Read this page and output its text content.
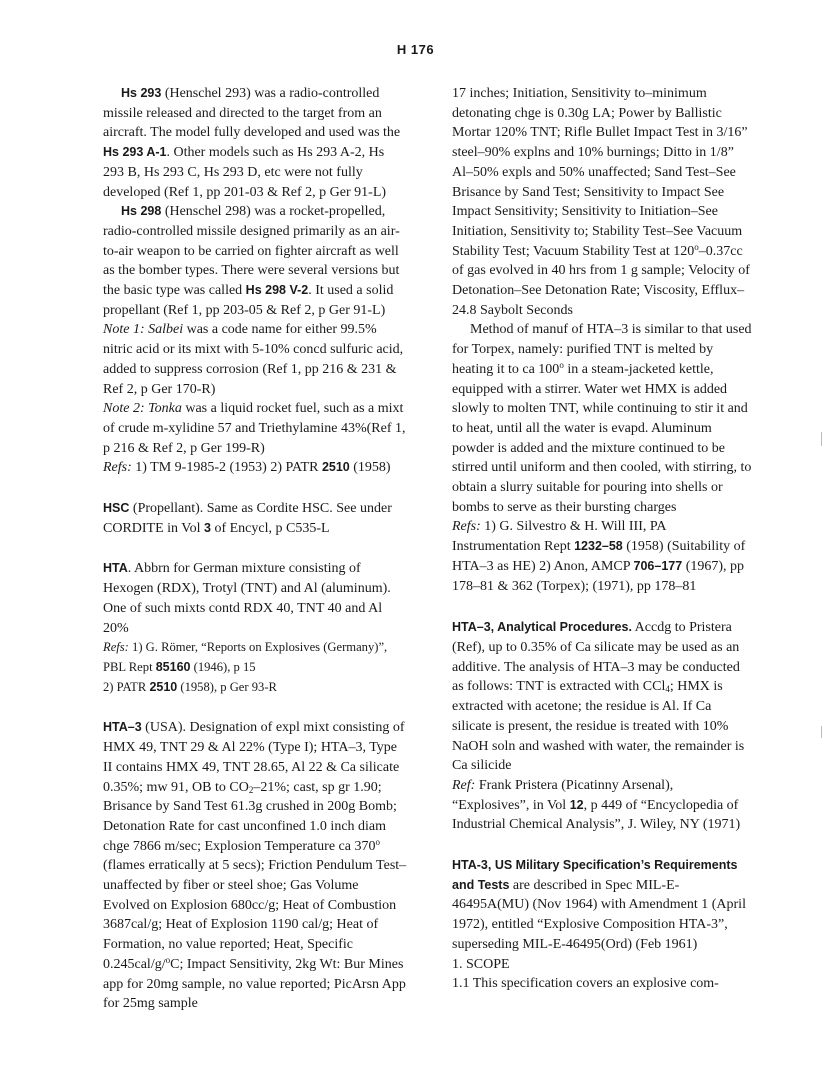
H 176

Hs 293 (Henschel 293) was a radio-controlled missile released and directed to the target from an aircraft. The model fully developed and used was the Hs 293 A-1. Other models such as Hs 293 A-2, Hs 293 B, Hs 293 C, Hs 293 D, etc were not fully developed (Ref 1, pp 201-03 & Ref 2, p Ger 91-L)

Hs 298 (Henschel 298) was a rocket-propelled, radio-controlled missile designed primarily as an air-to-air weapon to be carried on fighter aircraft as well as the bomber types. There were several versions but the basic type was called Hs 298 V-2. It used a solid propellant (Ref 1, pp 203-05 & Ref 2, p Ger 91-L)

Note 1: Salbei was a code name for either 99.5% nitric acid or its mixt with 5-10% concd sulfuric acid, added to suppress corrosion (Ref 1, pp 216 & 231 & Ref 2, p Ger 170-R)

Note 2: Tonka was a liquid rocket fuel, such as a mixt of crude m-xylidine 57 and Triethylamine 43%(Ref 1, p 216 & Ref 2, p Ger 199-R)

Refs: 1) TM 9-1985-2 (1953) 2) PATR 2510 (1958)

HSC (Propellant). Same as Cordite HSC. See under CORDITE in Vol 3 of Encycl, p C535-L

HTA. Abbrn for German mixture consisting of Hexogen (RDX), Trotyl (TNT) and Al (aluminum). One of such mixts contd RDX 40, TNT 40 and Al 20%

Refs: 1) G. Römer, “Reports on Explosives (Germany)”, PBL Rept 85160 (1946), p 15
2) PATR 2510 (1958), p Ger 93-R

HTA–3 (USA). Designation of expl mixt consisting of HMX 49, TNT 29 & Al 22% (Type I); HTA–3, Type II contains HMX 49, TNT 28.65, Al 22 & Ca silicate 0.35%; mw 91, OB to $CO_2-21\%$; cast, sp gr 1.90; Brisance by Sand Test 61.3g crushed in 200g Bomb; Detonation Rate for cast unconfined 1.0 inch diam chge 7866 m/sec; Explosion Temperature ca 370$^o$ (flames erratically at 5 secs); Friction Pendulum Test–unaffected by fiber or steel shoe; Gas Volume Evolved on Explosion 680cc/g; Heat of Combustion 3687cal/g; Heat of Explosion 1190 cal/g; Heat of Formation, no value reported; Heat, Specific 0.245cal/g/$^o$C; Impact Sensitivity, 2kg Wt: Bur Mines app for 20mg sample, no value reported; PicArsn App for 25mg sample

17 inches; Initiation, Sensitivity to–minimum detonating chge is 0.30g LA; Power by Ballistic Mortar 120% TNT; Rifle Bullet Impact Test in 3/16” steel–90% explns and 10% burnings; Ditto in 1/8” Al–50% expls and 50% unaffected; Sand Test–See Brisance by Sand Test; Sensitivity to Impact See Impact Sensitivity; Sensitivity to Initiation–See Initiation, Sensitivity to; Stability Test–See Vacuum Stability Test; Vacuum Stability Test at 120$^o$–0.37cc of gas evolved in 40 hrs from 1 g sample; Velocity of Detonation–See Detonation Rate; Viscosity, Efflux–24.8 Saybolt Seconds

Method of manuf of HTA–3 is similar to that used for Torpex, namely: purified TNT is melted by heating it to ca 100$^o$ in a steam-jacketed kettle, equipped with a stirrer. Water wet HMX is added slowly to molten TNT, while continuing to stir it and to heat, until all the water is evapd. Aluminum powder is added and the mixture continued to be stirred until uniform and then cooled, with stirring, to obtain a slurry suitable for pouring into shells or bombs to serve as their bursting charges

Refs: 1) G. Silvestro & H. Will III, PA Instrumentation Rept 1232–58 (1958) (Suitability of HTA–3 as HE) 2) Anon, AMCP 706–177 (1967), pp 178–81 & 362 (Torpex); (1971), pp 178–81

HTA–3, Analytical Procedures. Accdg to Pristera (Ref), up to 0.35% of Ca silicate may be used as an additive. The analysis of HTA–3 may be conducted as follows: TNT is extracted with CCl$_4$; HMX is extracted with acetone; the residue is Al. If Ca silicate is present, the residue is treated with 10% NaOH soln and washed with water, the remainder is Ca silicide

Ref: Frank Pristera (Picatinny Arsenal), “Explosives”, in Vol 12, p 449 of “Encyclopedia of Industrial Chemical Analysis”, J. Wiley, NY (1971)

HTA-3, US Military Specification’s Requirements and Tests are described in Spec MIL-E-46495A(MU) (Nov 1964) with Amendment 1 (April 1972), entitled “Explosive Composition HTA-3”, superseding MIL-E-46495(Ord) (Feb 1961)

1. SCOPE

1.1 This specification covers an explosive com-
